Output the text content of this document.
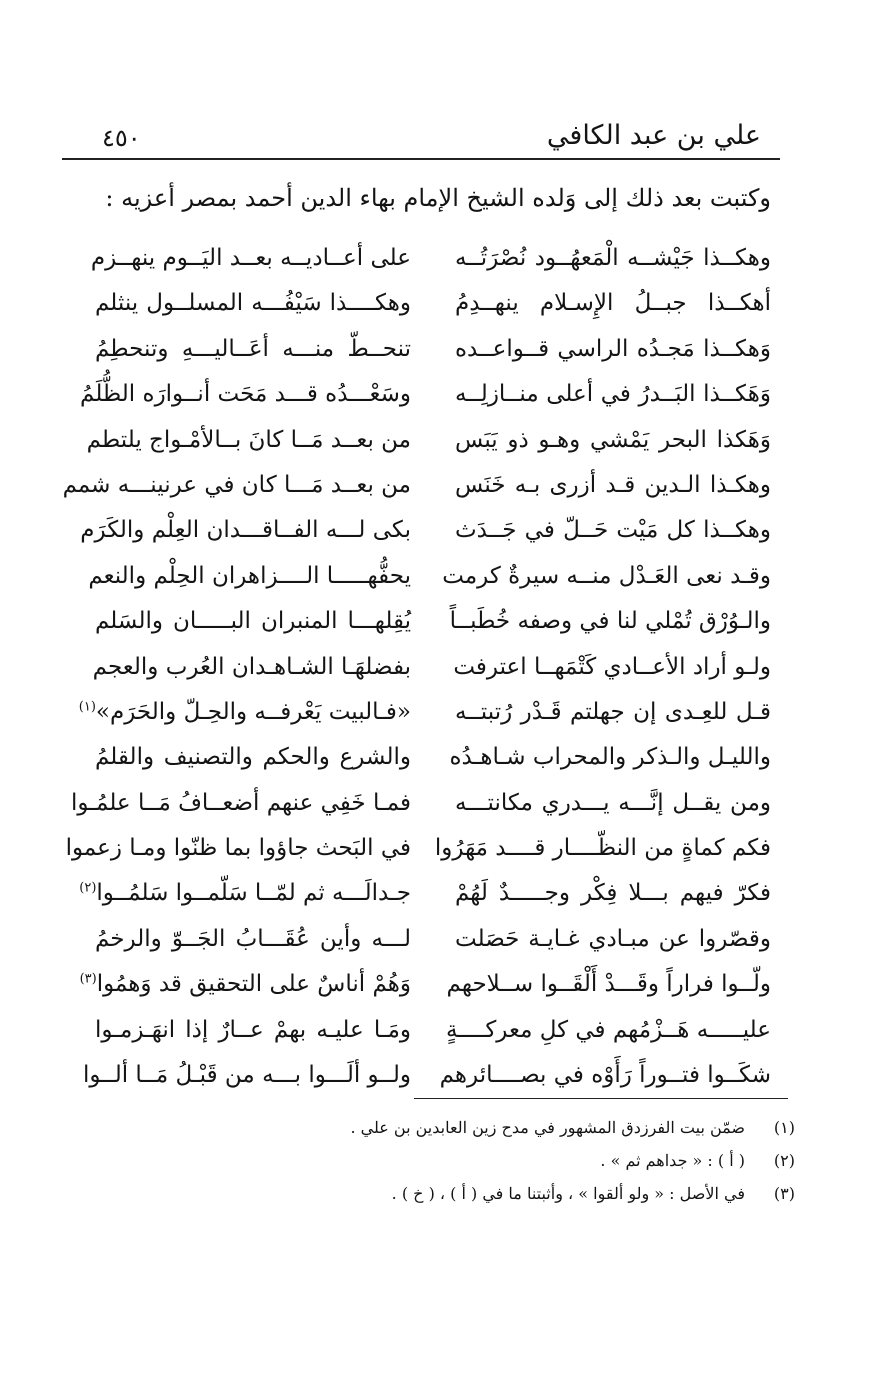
علي بن عبد الكافي
٤٥٠
وكتبت بعد ذلك إلى وَلده الشيخ الإمام بهاء الدين أحمد بمصر أعزيه :
وهكــذا جَيْشــه الْمَعهُــود نُصْرَتُــه
على أعــاديــه بعــد اليَــوم ينهــزم
أهكــذا جبــلُ الإِسـلام ينهــدِمُ
وهكــــذا سَيْفُـــه المسلــول ينثلم
وَهكــذا مَجـدُه الراسي قــواعــده
تنحــطّ منـــه أعَــاليـــهِ وتنحطِمُ
وَهَكــذا البَــدرُ في أعلى منــازلِــه
وسَعْـــدُه قـــد مَحَت أنــوارَه الظُّلَمُ
وَهَكذا البحر يَمْشي وهـو ذو يَبَس
من بعــد مَــا كانَ بــالأمْـواج يلتطم
وهكـذا الـدين قـد أزرى بـه خَنَس
من بعــد مَـــا كان في عرنينـــه شمم
وهكــذا كل مَيْت حَــلّ في جَــدَث
بكى لـــه الفــاقـــدان العِلْم والكَرَم
وقـد نعى العَـدْل منــه سيرةٌ كرمت
يحفُّهـــــا الــــزاهران الحِلْم والنعم
والـوُرْق تُمْلي لنا في وصفه خُطَبــاً
يُقِلهـــا المنبران البـــــان والسَلم
ولـو أراد الأعــادي كَتْمَهــا اعترفت
بفضلهَـا الشـاهـدان العُرب والعجم
قـل للعِـدى إن جهلتم قَـدْر رُتبتــه
«فـالبيت يَعْرفــه والحِـلّ والحَرَم»$^{(١)}$
والليـل والـذكر والمحراب شـاهـدُه
والشرع والحكم والتصنيف والقلمُ
ومن يقــل إنَّـــه يـــدري مكانتـــه
فمـا خَفِي عنهم أضعــافُ مَــا علمُـوا
فكم كماةٍ من النظّــــار قــــد مَهَرُوا
في البَحث جاؤوا بما ظنّوا ومـا زعموا
فكرّ فيهم بـــلا فِكْر وجـــــدٌ لَهُمْ
جـدالَـــه ثم لمّــا سَلّمــوا سَلمُــوا$^{(٢)}$
وقصّروا عن مبـادي غـايـة حَصَلت
لـــه وأين عُقَـــابُ الجَــوّ والرخمُ
ولّــوا فراراً وقَـــدْ أَلْقَــوا ســلاحهم
وَهُمْ أناسٌ على التحقيق قد وَهمُوا$^{(٣)}$
عليـــــه هَــزْمُهم في كلِ معركــــةٍ
ومَـا عليـه بهمْ عــارٌ إذا انهَـزمـوا
شكَــوا فتــوراً رَأَوْه في بصــــائرهم
ولــو ألَـــوا بـــه من قَبْـلُ مَــا ألــوا
(١)
ضمّن بيت الفرزدق المشهور في مدح زين العابدين بن علي .
(٢)
( أ ) : « جداهم ثم » .
(٣)
في الأصل : « ولو ألقوا » ، وأثبتنا ما في ( أ ) ، ( خ ) .
